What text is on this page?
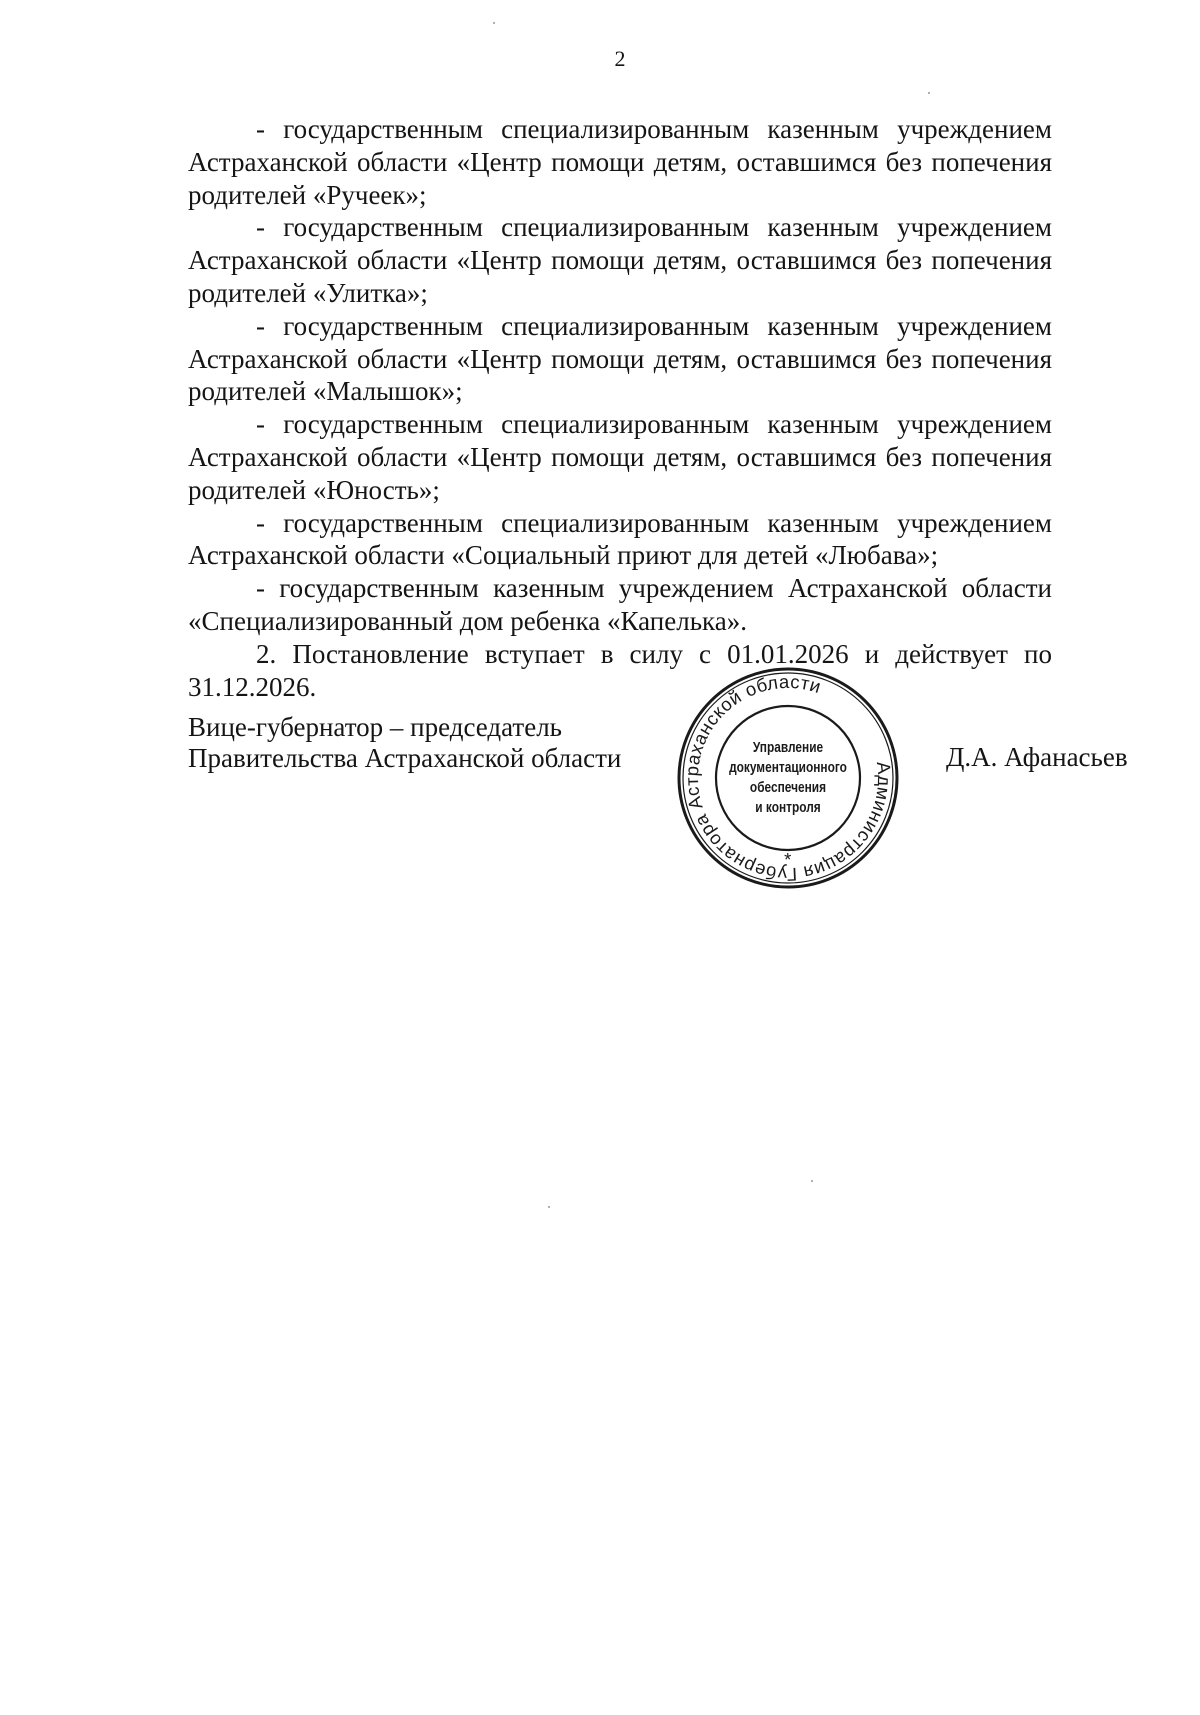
2

- государственным специализированным казенным учреждением Астраханской области «Центр помощи детям, оставшимся без попечения родителей «Ручеек»;

- государственным специализированным казенным учреждением Астраханской области «Центр помощи детям, оставшимся без попечения родителей «Улитка»;

- государственным специализированным казенным учреждением Астраханской области «Центр помощи детям, оставшимся без попечения родителей «Малышок»;

- государственным специализированным казенным учреждением Астраханской области «Центр помощи детям, оставшимся без попечения родителей «Юность»;

- государственным специализированным казенным учреждением Астраханской области «Социальный приют для детей «Любава»;

- государственным казенным учреждением Астраханской области «Специализированный дом ребенка «Капелька».

2. Постановление вступает в силу с 01.01.2026 и действует по 31.12.2026.

Вице-губернатор – председатель
Правительства Астраханской области	Администрация Губернатора Астраханской области
*
Управление
документационного
обеспечения
и контроля
Д.А. Афанасьев
